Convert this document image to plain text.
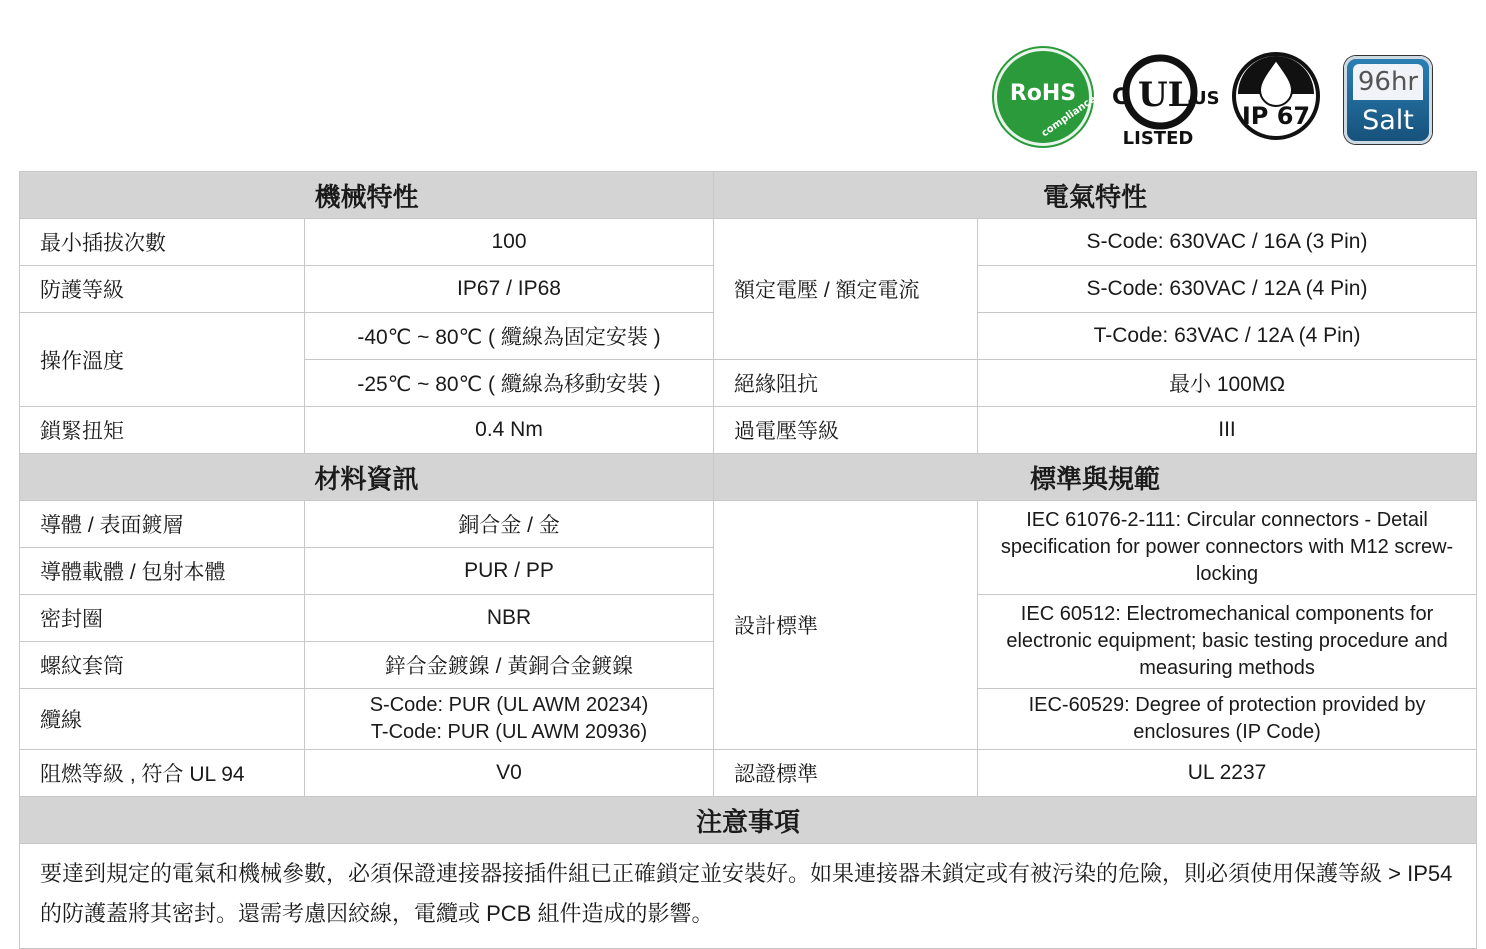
RoHS
compliance C UL US
LISTED
IP 67
96hr
Salt
機械特性		電氣特性	
最小插拔次數	100	額定電壓 / 額定電流	S-Code: 630VAC / 16A (3 Pin)
防護等級	IP67 / IP68		S-Code: 630VAC / 12A (4 Pin)
操作溫度	-40℃ ~ 80℃ ( 纜線為固定安裝 )		T-Code: 63VAC / 12A (4 Pin)
	-25℃ ~ 80℃ ( 纜線為移動安裝 )	絕緣阻抗	最小 100MΩ
鎖緊扭矩	0.4 Nm	過電壓等級	III
材料資訊		標準與規範	
導體 / 表面鍍層	銅合金 / 金	設計標準	IEC 61076-2-111: Circular connectors - Detail specification for power connectors with M12 screw-locking
導體載體 / 包射本體	PUR / PP		
密封圈	NBR		IEC 60512: Electromechanical components for electronic equipment; basic testing procedure and measuring methods
螺紋套筒	鋅合金鍍鎳 / 黃銅合金鍍鎳		
纜線	S-Code: PUR (UL AWM 20234)
T-Code: PUR (UL AWM 20936)		IEC-60529: Degree of protection provided by enclosures (IP Code)
阻燃等級 , 符合 UL 94	V0	認證標準	UL 2237
注意事項			
要達到規定的電氣和機械參數，必須保證連接器接插件組已正確鎖定並安裝好。如果連接器未鎖定或有被污染的危險，則必須使用保護等級 > IP54 的防護蓋將其密封。還需考慮因絞線，電纜或 PCB 組件造成的影響。			
